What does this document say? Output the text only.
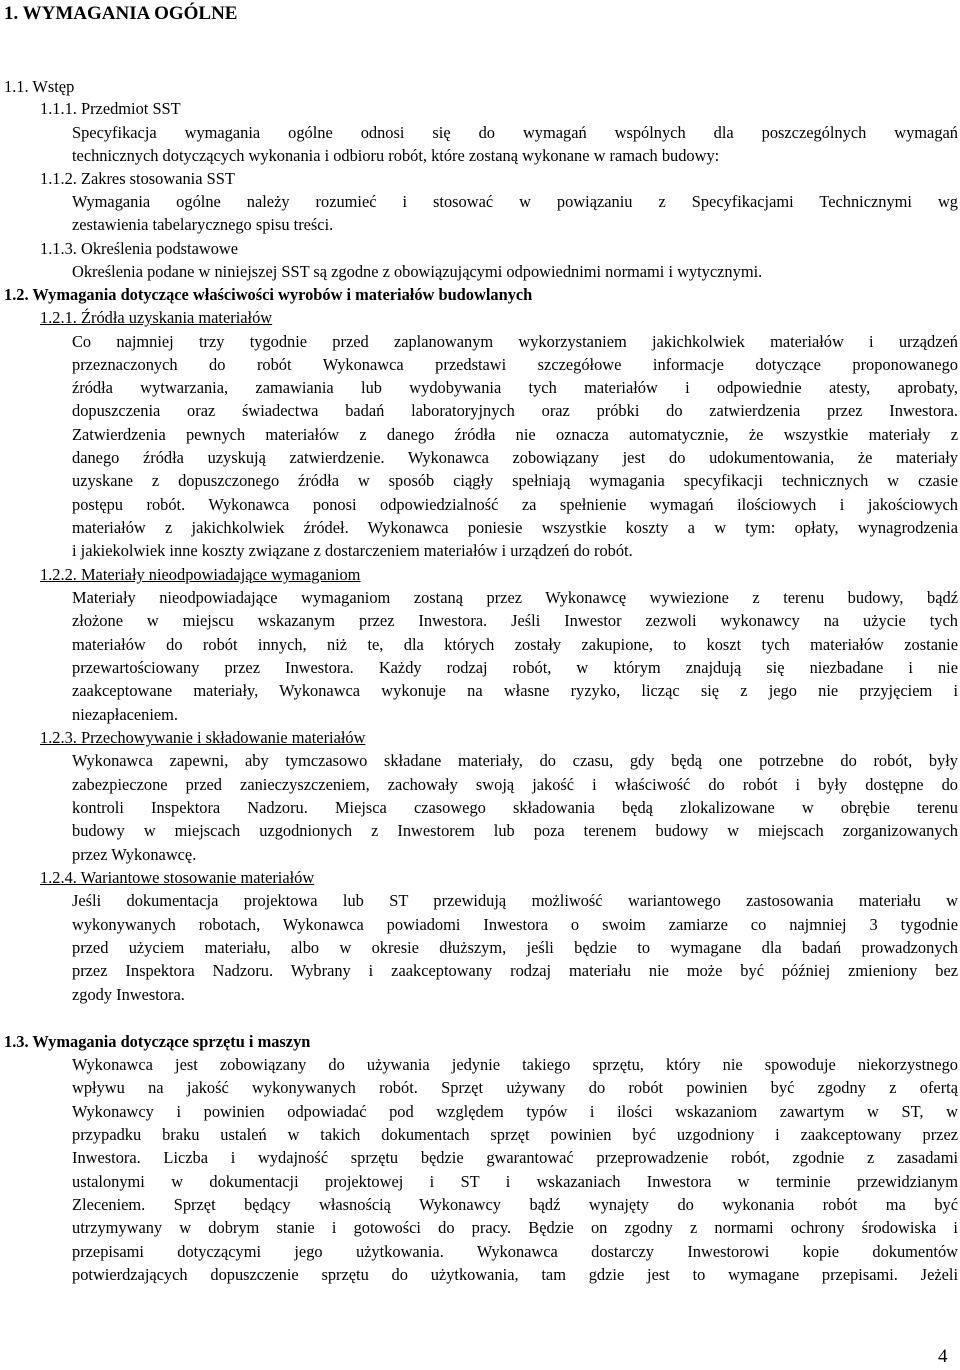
1. WYMAGANIA OGÓLNE
1.1. Wstęp
1.1.1. Przedmiot SST
Specyfikacja wymagania ogólne odnosi się do wymagań wspólnych dla poszczególnych wymagań
technicznych dotyczących wykonania i odbioru robót, które zostaną wykonane w ramach budowy:
1.1.2. Zakres stosowania SST
Wymagania ogólne należy rozumieć i stosować w powiązaniu z Specyfikacjami Technicznymi wg
zestawienia tabelarycznego spisu treści.
1.1.3. Określenia podstawowe
Określenia podane w niniejszej SST są zgodne z obowiązującymi odpowiednimi normami i wytycznymi.
1.2. Wymagania dotyczące właściwości wyrobów i materiałów budowlanych
1.2.1. Źródła uzyskania materiałów
Co najmniej trzy tygodnie przed zaplanowanym wykorzystaniem jakichkolwiek materiałów i urządzeń
przeznaczonych do robót Wykonawca przedstawi szczegółowe informacje dotyczące proponowanego
źródła wytwarzania, zamawiania lub wydobywania tych materiałów i odpowiednie atesty, aprobaty,
dopuszczenia oraz świadectwa badań laboratoryjnych oraz próbki do zatwierdzenia przez Inwestora.
Zatwierdzenia pewnych materiałów z danego źródła nie oznacza automatycznie, że wszystkie materiały z
danego źródła uzyskują zatwierdzenie. Wykonawca zobowiązany jest do udokumentowania, że materiały
uzyskane z dopuszczonego źródła w sposób ciągły spełniają wymagania specyfikacji technicznych w czasie
postępu robót. Wykonawca ponosi odpowiedzialność za spełnienie wymagań ilościowych i jakościowych
materiałów z jakichkolwiek źródeł. Wykonawca poniesie wszystkie koszty a w tym: opłaty, wynagrodzenia
i jakiekolwiek inne koszty związane z dostarczeniem materiałów i urządzeń do robót.
1.2.2. Materiały nieodpowiadające wymaganiom
Materiały nieodpowiadające wymaganiom zostaną przez Wykonawcę wywiezione z terenu budowy, bądź
złożone w miejscu wskazanym przez Inwestora. Jeśli Inwestor zezwoli wykonawcy na użycie tych
materiałów do robót innych, niż te, dla których zostały zakupione, to koszt tych materiałów zostanie
przewartościowany przez Inwestora. Każdy rodzaj robót, w którym znajdują się niezbadane i nie
zaakceptowane materiały, Wykonawca wykonuje na własne ryzyko, licząc się z jego nie przyjęciem i
niezapłaceniem.
1.2.3. Przechowywanie i składowanie materiałów
Wykonawca zapewni, aby tymczasowo składane materiały, do czasu, gdy będą one potrzebne do robót, były
zabezpieczone przed zanieczyszczeniem, zachowały swoją jakość i właściwość do robót i były dostępne do
kontroli Inspektora Nadzoru. Miejsca czasowego składowania będą zlokalizowane w obrębie terenu
budowy w miejscach uzgodnionych z Inwestorem lub poza terenem budowy w miejscach zorganizowanych
przez Wykonawcę.
1.2.4. Wariantowe stosowanie materiałów
Jeśli dokumentacja projektowa lub ST przewidują możliwość wariantowego zastosowania materiału w
wykonywanych robotach, Wykonawca powiadomi Inwestora o swoim zamiarze co najmniej 3 tygodnie
przed użyciem materiału, albo w okresie dłuższym, jeśli będzie to wymagane dla badań prowadzonych
przez Inspektora Nadzoru. Wybrany i zaakceptowany rodzaj materiału nie może być później zmieniony bez
zgody Inwestora.
1.3. Wymagania dotyczące sprzętu i maszyn
Wykonawca jest zobowiązany do używania jedynie takiego sprzętu, który nie spowoduje niekorzystnego
wpływu na jakość wykonywanych robót. Sprzęt używany do robót powinien być zgodny z ofertą
Wykonawcy i powinien odpowiadać pod względem typów i ilości wskazaniom zawartym w ST, w
przypadku braku ustaleń w takich dokumentach sprzęt powinien być uzgodniony i zaakceptowany przez
Inwestora. Liczba i wydajność sprzętu będzie gwarantować przeprowadzenie robót, zgodnie z zasadami
ustalonymi w dokumentacji projektowej i ST i wskazaniach Inwestora w terminie przewidzianym
Zleceniem. Sprzęt będący własnością Wykonawcy bądź wynajęty do wykonania robót ma być
utrzymywany w dobrym stanie i gotowości do pracy. Będzie on zgodny z normami ochrony środowiska i
przepisami dotyczącymi jego użytkowania. Wykonawca dostarczy Inwestorowi kopie dokumentów
potwierdzających dopuszczenie sprzętu do użytkowania, tam gdzie jest to wymagane przepisami. Jeżeli
4
